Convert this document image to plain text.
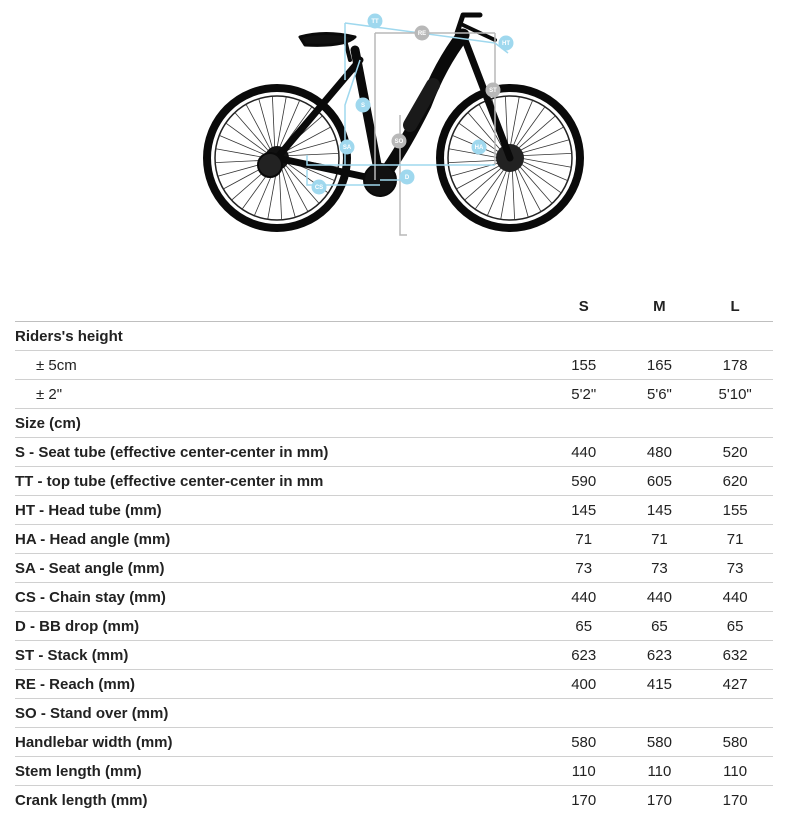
TT
RE
HT
ST
S
SO
SA	HA
CS
D
	S	M	L
Riders's height			
± 5cm	155	165	178
± 2"	5'2"	5'6"	5'10"
Size (cm)			
S - Seat tube (effective center-center in mm)	440	480	520
TT - top tube (effective center-center in mm	590	605	620
HT - Head tube (mm)	145	145	155
HA - Head angle (mm)	71	71	71
SA - Seat angle (mm)	73	73	73
CS - Chain stay (mm)	440	440	440
D - BB drop (mm)	65	65	65
ST - Stack (mm)	623	623	632
RE - Reach (mm)	400	415	427
SO - Stand over (mm)			
Handlebar width (mm)	580	580	580
Stem length (mm)	110	110	110
Crank length (mm)	170	170	170
